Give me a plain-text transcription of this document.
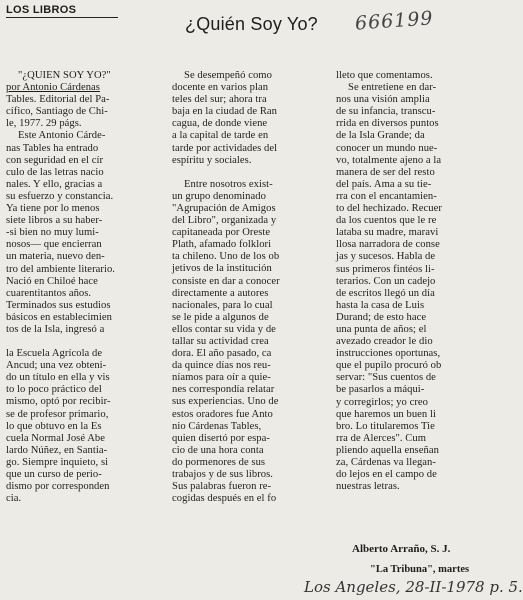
LOS LIBROS
¿Quién Soy Yo? 666199
"¿QUIEN SOY YO?"
por Antonio Cárdenas
Tables. Editorial del Pa-
cífico, Santiago de Chi-
le, 1977. 29 págs.
Este Antonio Cárde-
nas Tables ha entrado
con seguridad en el cír
culo de las letras nacio
nales. Y ello, gracias a
su esfuerzo y constancia.
Ya tiene por lo menos
siete libros a su haber-
-si bien no muy lumi-
nosos— que encierran
un materia, nuevo den-
tro del ambiente literario.
Nació en Chiloé hace
cuarentitantos años.
Terminados sus estudios
básicos en establecimien
tos de la Isla, ingresó a
la Escuela Agrícola de
Ancud; una vez obteni-
do un título en ella y vis
to lo poco práctico del
mismo, optó por recibir-
se de profesor primario,
lo que obtuvo en la Es
cuela Normal José Abe
lardo Núñez, en Santia-
go. Siempre inquieto, si
que un curso de perio-
dismo por corresponden
cia.
Se desempeñó como
docente en varios plan
teles del sur; ahora tra
baja en la ciudad de Ran
cagua, de donde viene
a la capital de tarde en
tarde por actividades del
espíritu y sociales.
Entre nosotros exist-
un grupo denominado
"Agrupación de Amigos
del Libro", organizada y
capitaneada por Oreste
Plath, afamado folklori
ta chileno. Uno de los ob
jetivos de la institución
consiste en dar a conocer
directamente a autores
nacionales, para lo cual
se le pide a algunos de
ellos contar su vida y de
tallar su actividad crea
dora. El año pasado, ca
da quince días nos reu-
níamos para oír a quie-
nes correspondía relatar
sus experiencias. Uno de
estos oradores fue Anto
nio Cárdenas Tables,
quien disertó por espa-
cio de una hora conta
do pormenores de sus
trabajos y de sus libros.
Sus palabras fueron re-
cogidas después en el fo
lleto que comentamos.
Se entretiene en dar-
nos una visión amplia
de su infancia, transcu-
rrida en diversos puntos
de la Isla Grande; da
conocer un mundo nue-
vo, totalmente ajeno a la
manera de ser del resto
del país. Ama a su tie-
rra con el encantamien-
to del hechizado. Recuer
da los cuentos que le re
lataba su madre, maravi
llosa narradora de conse
jas y sucesos. Habla de
sus primeros fintéos li-
terarios. Con un cadejo
de escritos llegó un día
hasta la casa de Luis
Durand; de esto hace
una punta de años; el
avezado creador le dio
instrucciones oportunas,
que el pupilo procuró ob
servar: "Sus cuentos de
be pasarlos a máqui-
y corregirlos; yo creo
que haremos un buen li
bro. Lo titularemos Tie
rra de Alerces". Cum
pliendo aquella enseñan
za, Cárdenas va llegan-
do lejos en el campo de
nuestras letras.
Alberto Arraño, S. J.
"La Tribuna", martes
Los Angeles, 28-II-1978 p. 5.
